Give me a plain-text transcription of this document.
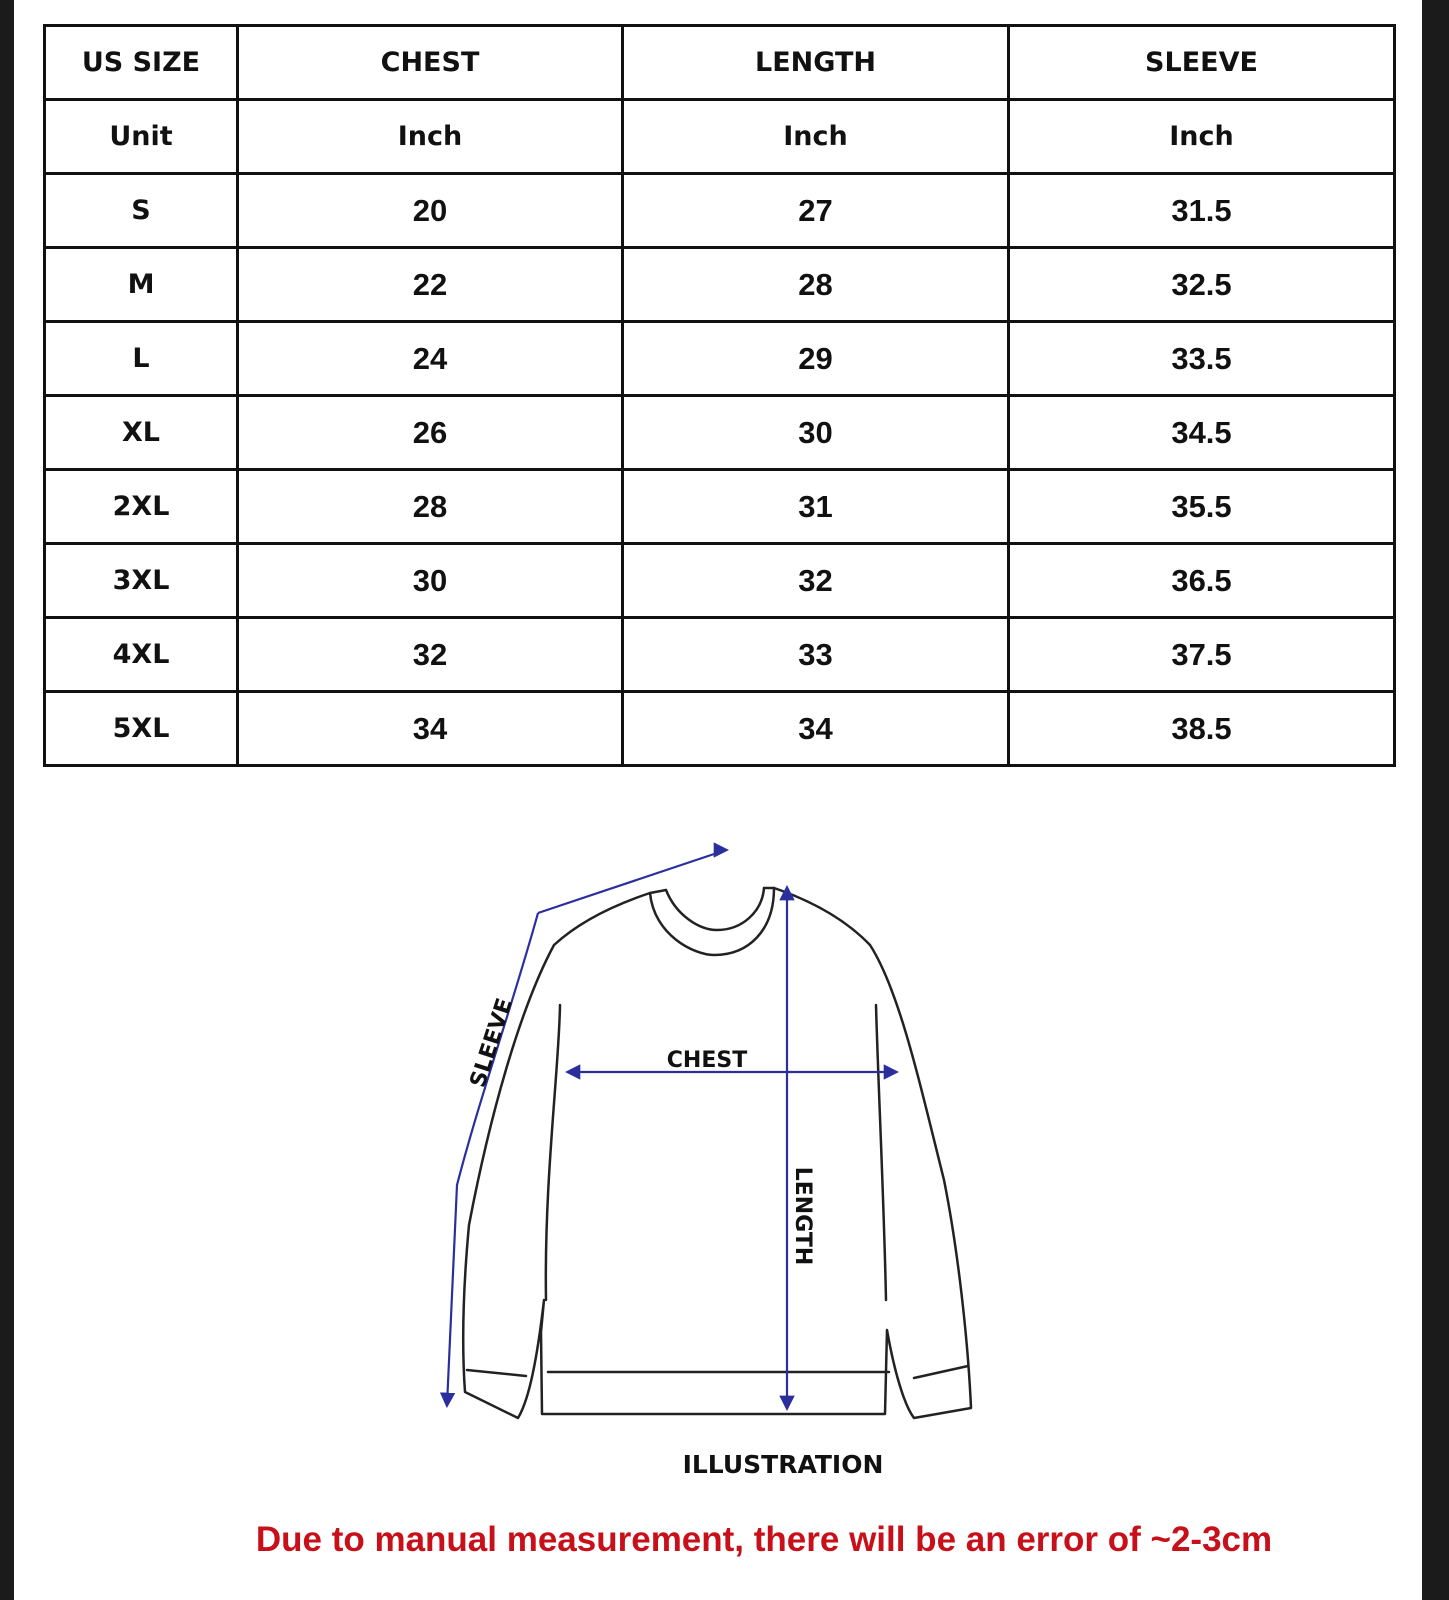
US SIZE	CHEST	LENGTH	SLEEVE
Unit	Inch	Inch	Inch
S	20	27	31.5
M	22	28	32.5
L	24	29	33.5
XL	26	30	34.5
2XL	28	31	35.5
3XL	30	32	36.5
4XL	32	33	37.5
5XL	34	34	38.5
CHEST
LENGTH
SLEEVE
ILLUSTRATION
Due to manual measurement, there will be an error of ~2-3cm
